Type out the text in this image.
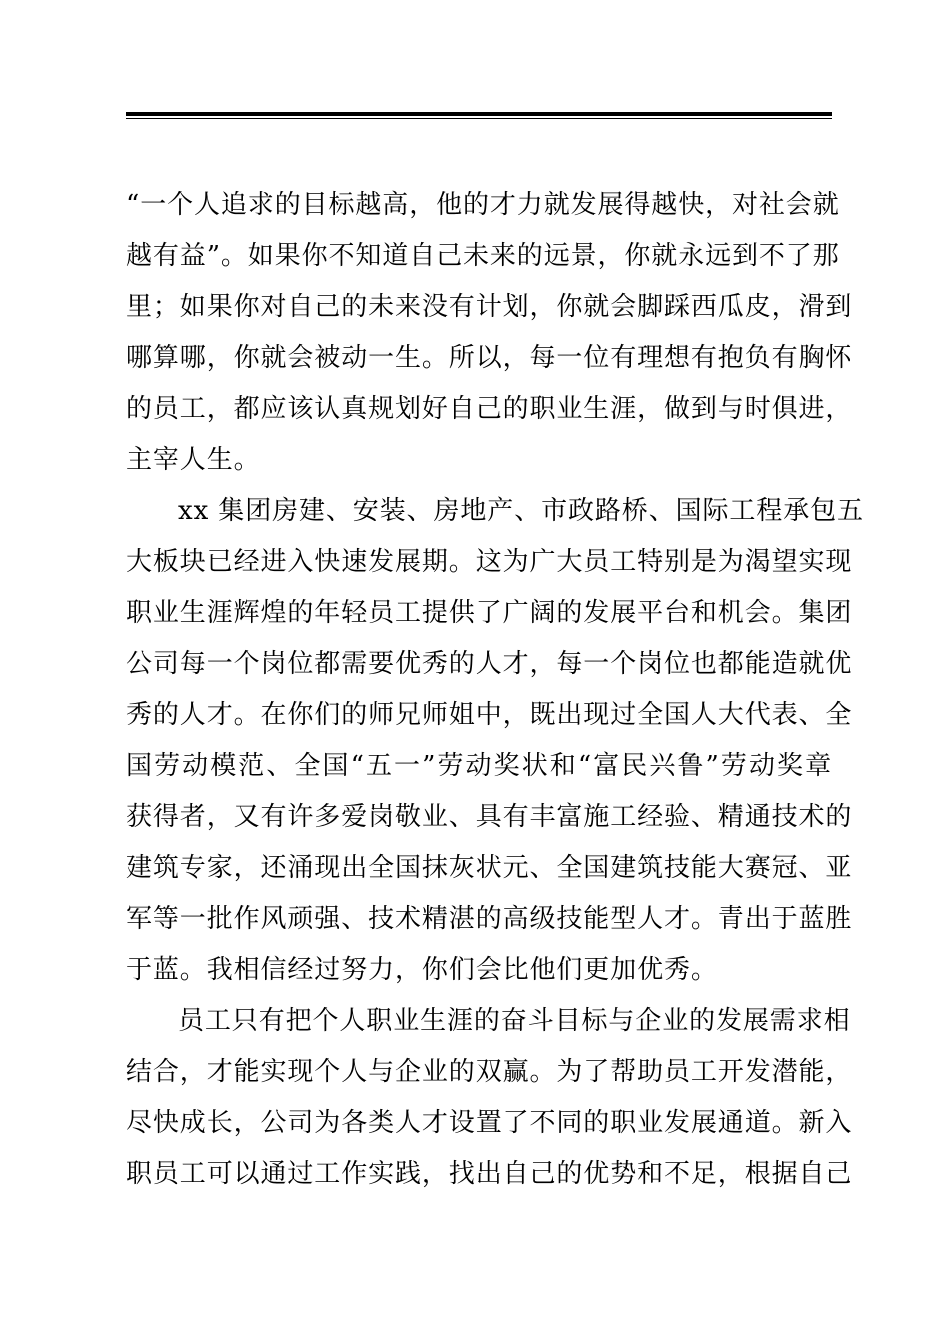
“一个人追求的目标越高，他的才力就发展得越快，对社会就
越有益”。如果你不知道自己未来的远景，你就永远到不了那
里；如果你对自己的未来没有计划，你就会脚踩西瓜皮，滑到
哪算哪，你就会被动一生。所以，每一位有理想有抱负有胸怀
的员工，都应该认真规划好自己的职业生涯，做到与时俱进，
主宰人生。
xx 集团房建、安装、房地产、市政路桥、国际工程承包五
大板块已经进入快速发展期。这为广大员工特别是为渴望实现
职业生涯辉煌的年轻员工提供了广阔的发展平台和机会。集团
公司每一个岗位都需要优秀的人才，每一个岗位也都能造就优
秀的人才。在你们的师兄师姐中，既出现过全国人大代表、全
国劳动模范、全国“五一”劳动奖状和“富民兴鲁”劳动奖章
获得者，又有许多爱岗敬业、具有丰富施工经验、精通技术的
建筑专家，还涌现出全国抹灰状元、全国建筑技能大赛冠、亚
军等一批作风顽强、技术精湛的高级技能型人才。青出于蓝胜
于蓝。我相信经过努力，你们会比他们更加优秀。
员工只有把个人职业生涯的奋斗目标与企业的发展需求相
结合，才能实现个人与企业的双赢。为了帮助员工开发潜能，
尽快成长，公司为各类人才设置了不同的职业发展通道。新入
职员工可以通过工作实践，找出自己的优势和不足，根据自己
